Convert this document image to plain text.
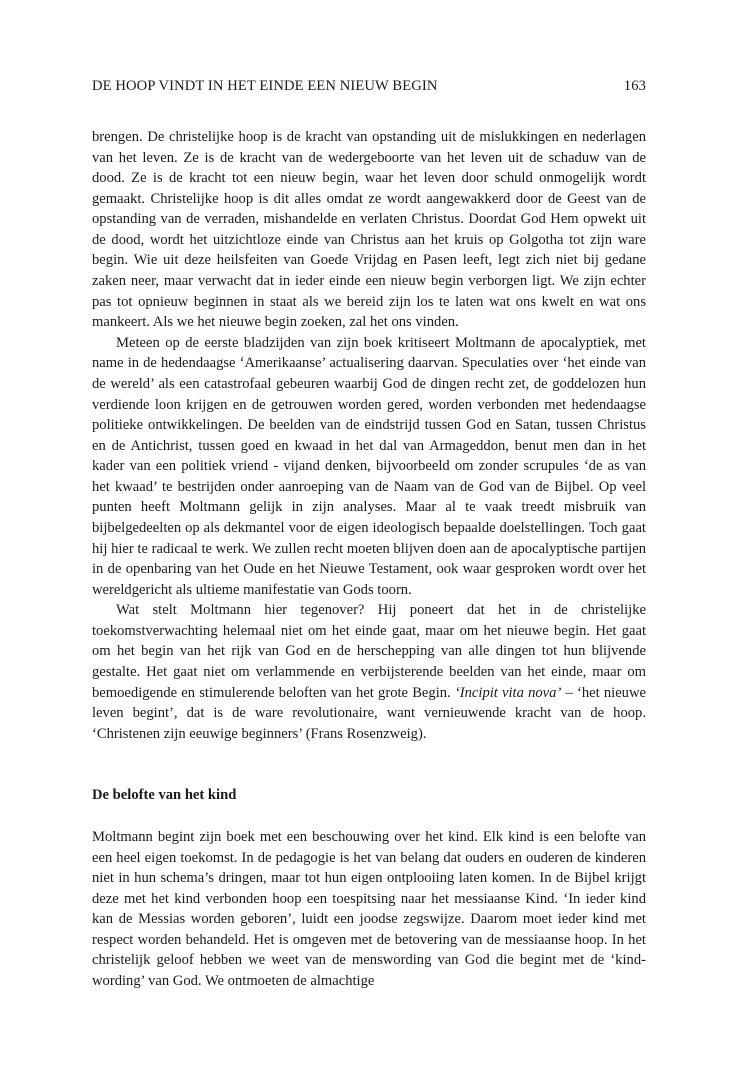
DE HOOP VINDT IN HET EINDE EEN NIEUW BEGIN	163

brengen. De christelijke hoop is de kracht van opstanding uit de mislukkingen en nederlagen van het leven. Ze is de kracht van de wedergeboorte van het leven uit de schaduw van de dood. Ze is de kracht tot een nieuw begin, waar het leven door schuld onmogelijk wordt gemaakt. Christelijke hoop is dit alles omdat ze wordt aangewakkerd door de Geest van de opstanding van de verraden, mishandelde en verlaten Christus. Doordat God Hem opwekt uit de dood, wordt het uitzichtloze einde van Christus aan het kruis op Golgotha tot zijn ware begin. Wie uit deze heilsfeiten van Goede Vrijdag en Pasen leeft, legt zich niet bij gedane zaken neer, maar verwacht dat in ieder einde een nieuw begin verborgen ligt. We zijn echter pas tot opnieuw beginnen in staat als we bereid zijn los te laten wat ons kwelt en wat ons mankeert. Als we het nieuwe begin zoeken, zal het ons vinden.

Meteen op de eerste bladzijden van zijn boek kritiseert Moltmann de apocalyptiek, met name in de hedendaagse ‘Amerikaanse’ actualisering daarvan. Speculaties over ‘het einde van de wereld’ als een catastrofaal gebeuren waarbij God de dingen recht zet, de goddelozen hun verdiende loon krijgen en de getrouwen worden gered, worden verbonden met hedendaagse politieke ontwikkelingen. De beelden van de eindstrijd tussen God en Satan, tussen Christus en de Antichrist, tussen goed en kwaad in het dal van Armageddon, benut men dan in het kader van een politiek vriend - vijand denken, bijvoorbeeld om zonder scrupules ‘de as van het kwaad’ te bestrijden onder aanroeping van de Naam van de God van de Bijbel. Op veel punten heeft Moltmann gelijk in zijn analyses. Maar al te vaak treedt misbruik van bijbelgedeelten op als dekmantel voor de eigen ideologisch bepaalde doelstellingen. Toch gaat hij hier te radicaal te werk. We zullen recht moeten blijven doen aan de apocalyptische partijen in de openbaring van het Oude en het Nieuwe Testament, ook waar gesproken wordt over het wereldgericht als ultieme manifestatie van Gods toorn.

Wat stelt Moltmann hier tegenover? Hij poneert dat het in de christelijke toekomstverwachting helemaal niet om het einde gaat, maar om het nieuwe begin. Het gaat om het begin van het rijk van God en de herschepping van alle dingen tot hun blijvende gestalte. Het gaat niet om verlammende en verbijsterende beelden van het einde, maar om bemoedigende en stimulerende beloften van het grote Begin. ‘Incipit vita nova’ – ‘het nieuwe leven begint’, dat is de ware revolutionaire, want vernieuwende kracht van de hoop. ‘Christenen zijn eeuwige beginners’ (Frans Rosenzweig).

De belofte van het kind

Moltmann begint zijn boek met een beschouwing over het kind. Elk kind is een belofte van een heel eigen toekomst. In de pedagogie is het van belang dat ouders en ouderen de kinderen niet in hun schema’s dringen, maar tot hun eigen ontplooiing laten komen. In de Bijbel krijgt deze met het kind verbonden hoop een toespitsing naar het messiaanse Kind. ‘In ieder kind kan de Messias worden geboren’, luidt een joodse zegswijze. Daarom moet ieder kind met respect worden behandeld. Het is omgeven met de betovering van de messiaanse hoop. In het christelijk geloof hebben we weet van de menswording van God die begint met de ‘kind- wording’ van God. We ontmoeten de almachtige
